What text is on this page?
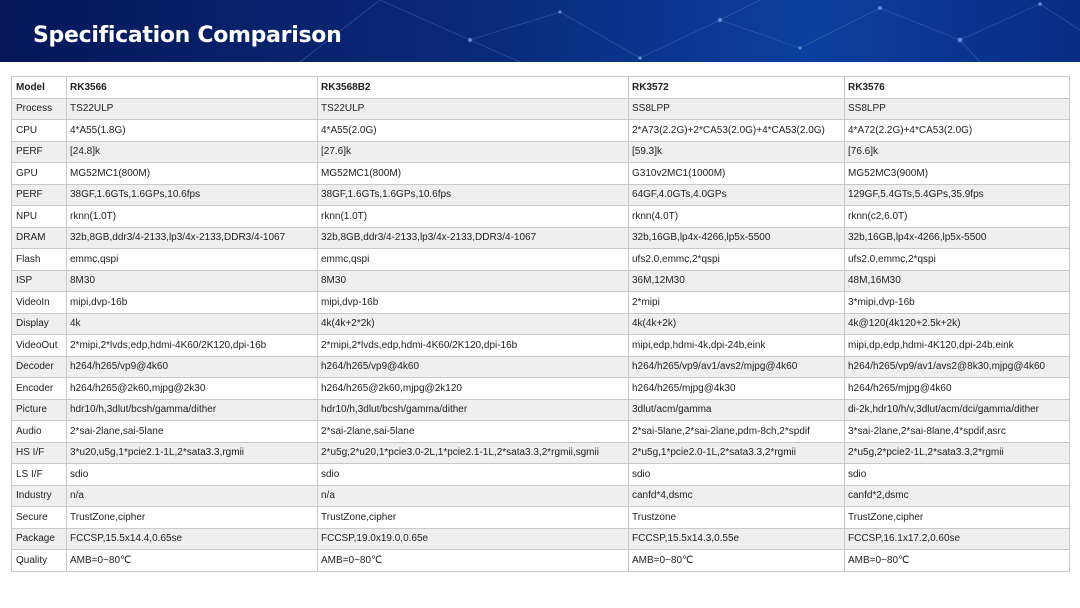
Specification Comparison
Model	RK3566	RK3568B2	RK3572	RK3576
Process	TS22ULP	TS22ULP	SS8LPP	SS8LPP
CPU	4*A55(1.8G)	4*A55(2.0G)	2*A73(2.2G)+2*CA53(2.0G)+4*CA53(2.0G)	4*A72(2.2G)+4*CA53(2.0G)
PERF	[24.8]k	[27.6]k	[59.3]k	[76.6]k
GPU	MG52MC1(800M)	MG52MC1(800M)	G310v2MC1(1000M)	MG52MC3(900M)
PERF	38GF,1.6GTs,1.6GPs,10.6fps	38GF,1.6GTs,1.6GPs,10.6fps	64GF,4.0GTs,4.0GPs	129GF,5.4GTs,5.4GPs,35.9fps
NPU	rknn(1.0T)	rknn(1.0T)	rknn(4.0T)	rknn(c2,6.0T)
DRAM	32b,8GB,ddr3/4-2133,lp3/4x-2133,DDR3/4-1067	32b,8GB,ddr3/4-2133,lp3/4x-2133,DDR3/4-1067	32b,16GB,lp4x-4266,lp5x-5500	32b,16GB,lp4x-4266,lp5x-5500
Flash	emmc,qspi	emmc,qspi	ufs2.0,emmc,2*qspi	ufs2.0,emmc,2*qspi
ISP	8M30	8M30	36M,12M30	48M,16M30
VideoIn	mipi,dvp-16b	mipi,dvp-16b	2*mipi	3*mipi,dvp-16b
Display	4k	4k(4k+2*2k)	4k(4k+2k)	4k@120(4k120+2.5k+2k)
VideoOut	2*mipi,2*lvds,edp,hdmi-4K60/2K120,dpi-16b	2*mipi,2*lvds,edp,hdmi-4K60/2K120,dpi-16b	mipi,edp,hdmi-4k,dpi-24b,eink	mipi,dp,edp,hdmi-4K120,dpi-24b,eink
Decoder	h264/h265/vp9@4k60	h264/h265/vp9@4k60	h264/h265/vp9/av1/avs2/mjpg@4k60	h264/h265/vp9/av1/avs2@8k30,mjpg@4k60
Encoder	h264/h265@2k60,mjpg@2k30	h264/h265@2k60,mjpg@2k120	h264/h265/mjpg@4k30	h264/h265/mjpg@4k60
Picture	hdr10/h,3dlut/bcsh/gamma/dither	hdr10/h,3dlut/bcsh/gamma/dither	3dlut/acm/gamma	di-2k,hdr10/h/v,3dlut/acm/dci/gamma/dither
Audio	2*sai-2lane,sai-5lane	2*sai-2lane,sai-5lane	2*sai-5lane,2*sai-2lane,pdm-8ch,2*spdif	3*sai-2lane,2*sai-8lane,4*spdif,asrc
HS I/F	3*u20,u5g,1*pcie2.1-1L,2*sata3.3,rgmii	2*u5g,2*u20,1*pcie3.0-2L,1*pcie2.1-1L,2*sata3.3,2*rgmii,sgmii	2*u5g,1*pcie2.0-1L,2*sata3.3,2*rgmii	2*u5g,2*pcie2-1L,2*sata3.3,2*rgmii
LS I/F	sdio	sdio	sdio	sdio
Industry	n/a	n/a	canfd*4,dsmc	canfd*2,dsmc
Secure	TrustZone,cipher	TrustZone,cipher	Trustzone	TrustZone,cipher
Package	FCCSP,15.5x14.4,0.65se	FCCSP,19.0x19.0,0.65e	FCCSP,15.5x14.3,0.55e	FCCSP,16.1x17.2,0.60se
Quality	AMB=0~80℃	AMB=0~80℃	AMB=0~80℃	AMB=0~80℃
